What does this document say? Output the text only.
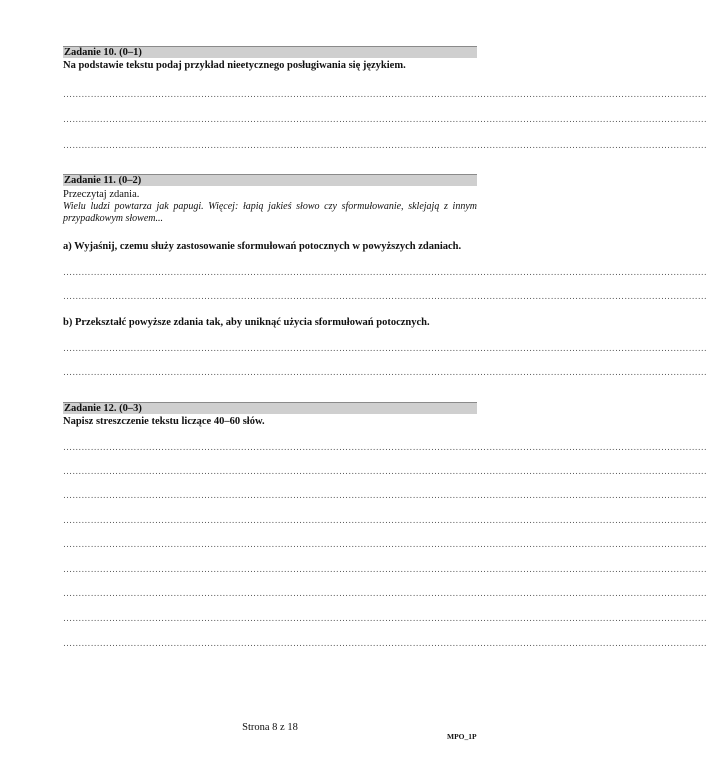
Zadanie 10. (0–1)
Na podstawie tekstu podaj przykład nieetycznego posługiwania się językiem.
…………………………………………………………………………………………………………………………………………………………………………………………
…………………………………………………………………………………………………………………………………………………………………………………………
…………………………………………………………………………………………………………………………………………………………………………………………
Zadanie 11. (0–2)
Przeczytaj zdania.
Wielu ludzi powtarza jak papugi. Więcej: łapią jakieś słowo czy sformułowanie, sklejają z innym przypadkowym słowem...
a) Wyjaśnij, czemu służy zastosowanie sformułowań potocznych w powyższych zdaniach.
…………………………………………………………………………………………………………………………………………………………………………………………
…………………………………………………………………………………………………………………………………………………………………………………………
b) Przekształć powyższe zdania tak, aby uniknąć użycia sformułowań potocznych.
…………………………………………………………………………………………………………………………………………………………………………………………
…………………………………………………………………………………………………………………………………………………………………………………………
Zadanie 12. (0–3)
Napisz streszczenie tekstu liczące 40–60 słów.
…………………………………………………………………………………………………………………………………………………………………………………………
…………………………………………………………………………………………………………………………………………………………………………………………
…………………………………………………………………………………………………………………………………………………………………………………………
…………………………………………………………………………………………………………………………………………………………………………………………
…………………………………………………………………………………………………………………………………………………………………………………………
…………………………………………………………………………………………………………………………………………………………………………………………
…………………………………………………………………………………………………………………………………………………………………………………………
…………………………………………………………………………………………………………………………………………………………………………………………
…………………………………………………………………………………………………………………………………………………………………………………………
Strona 8 z 18
MPO_1P
